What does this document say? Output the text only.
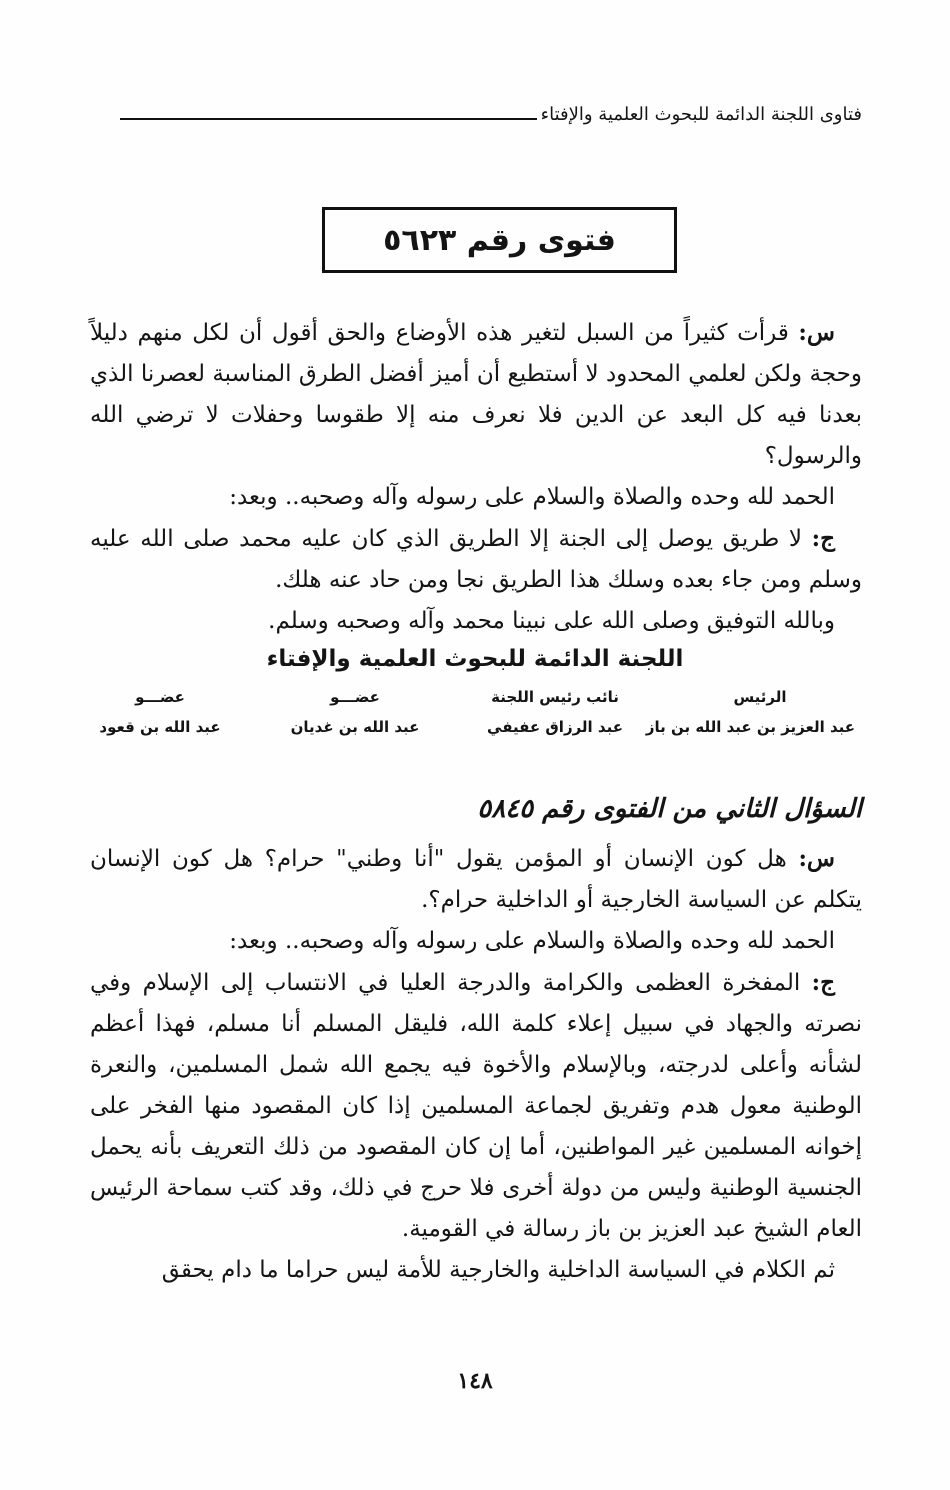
فتاوى اللجنة الدائمة للبحوث العلمية والإفتاء
فتوى رقم ٥٦٢٣

س: قرأت كثيراً من السبل لتغير هذه الأوضاع والحق أقول أن لكل منهم دليلاً وحجة ولكن لعلمي المحدود لا أستطيع أن أميز أفضل الطرق المناسبة لعصرنا الذي بعدنا فيه كل البعد عن الدين فلا نعرف منه إلا طقوسا وحفلات لا ترضي الله والرسول؟

الحمد لله وحده والصلاة والسلام على رسوله وآله وصحبه.. وبعد:

ج: لا طريق يوصل إلى الجنة إلا الطريق الذي كان عليه محمد صلى الله عليه وسلم ومن جاء بعده وسلك هذا الطريق نجا ومن حاد عنه هلك.

وبالله التوفيق وصلى الله على نبينا محمد وآله وصحبه وسلم.

اللجنة الدائمة للبحوث العلمية والإفتاء
الرئيس
عبد العزيز بن عبد الله بن باز
نائب رئيس اللجنة
عبد الرزاق عفيفي
عضـــو
عبد الله بن غديان
عضـــو
عبد الله بن قعود
السؤال الثاني من الفتوى رقم ٥٨٤٥

س: هل كون الإنسان أو المؤمن يقول "أنا وطني" حرام؟ هل كون الإنسان يتكلم عن السياسة الخارجية أو الداخلية حرام؟.

الحمد لله وحده والصلاة والسلام على رسوله وآله وصحبه.. وبعد:

ج: المفخرة العظمى والكرامة والدرجة العليا في الانتساب إلى الإسلام وفي نصرته والجهاد في سبيل إعلاء كلمة الله، فليقل المسلم أنا مسلم، فهذا أعظم لشأنه وأعلى لدرجته، وبالإسلام والأخوة فيه يجمع الله شمل المسلمين، والنعرة الوطنية معول هدم وتفريق لجماعة المسلمين إذا كان المقصود منها الفخر على إخوانه المسلمين غير المواطنين، أما إن كان المقصود من ذلك التعريف بأنه يحمل الجنسية الوطنية وليس من دولة أخرى فلا حرج في ذلك، وقد كتب سماحة الرئيس العام الشيخ عبد العزيز بن باز رسالة في القومية.

ثم الكلام في السياسة الداخلية والخارجية للأمة ليس حراما ما دام يحقق

١٤٨
